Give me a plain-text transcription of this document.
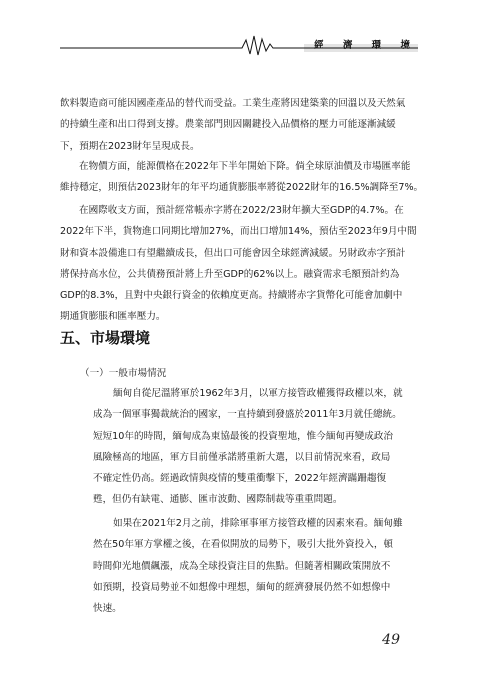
經 濟 環 境
飲料製造商可能因國產產品的替代而受益。工業生產將因建築業的回溫以及天然氣
的持續生產和出口得到支撐。農業部門則因關鍵投入品價格的壓力可能逐漸減緩
下，預期在2023財年呈現成長。
在物價方面，能源價格在2022年下半年開始下降。倘全球原油價及市場匯率能
維持穩定，則預估2023財年的年平均通貨膨脹率將從2022財年的16.5%調降至7%。
在國際收支方面，預計經常帳赤字將在2022/23財年擴大至GDP的4.7%。在
2022年下半，貨物進口同期比增加27%，而出口增加14%，預估至2023年9月中間
財和資本設備進口有望繼續成長，但出口可能會因全球經濟減緩。另財政赤字預計
將保持高水位，公共債務預計將上升至GDP的62%以上。融資需求毛額預計約為
GDP的8.3%，且對中央銀行資金的依賴度更高。持續將赤字貨幣化可能會加劇中
期通貨膨脹和匯率壓力。
五、市場環境
（一）一般市場情況
緬甸自從尼溫將軍於1962年3月，以軍方接管政權獲得政權以來，就
成為一個軍事獨裁統治的國家，一直持續到發盛於2011年3月就任總統。
短短10年的時間，緬甸成為東協最後的投資聖地，惟今緬甸再變成政治
風險極高的地區，軍方目前僅承諾將重新大選，以目前情況來看，政局
不確定性仍高。經過政情與疫情的雙重衝擊下，2022年經濟蹣跚趨復
甦，但仍有缺電、通膨、匯市波動、國際制裁等重重問題。
如果在2021年2月之前，排除軍事軍方接管政權的因素來看。緬甸雖
然在50年軍方掌權之後，在看似開放的局勢下，吸引大批外資投入，頓
時間仰光地價飆漲，成為全球投資注目的焦點。但隨著相關政策開放不
如預期，投資局勢並不如想像中理想，緬甸的經濟發展仍然不如想像中
快速。
49
